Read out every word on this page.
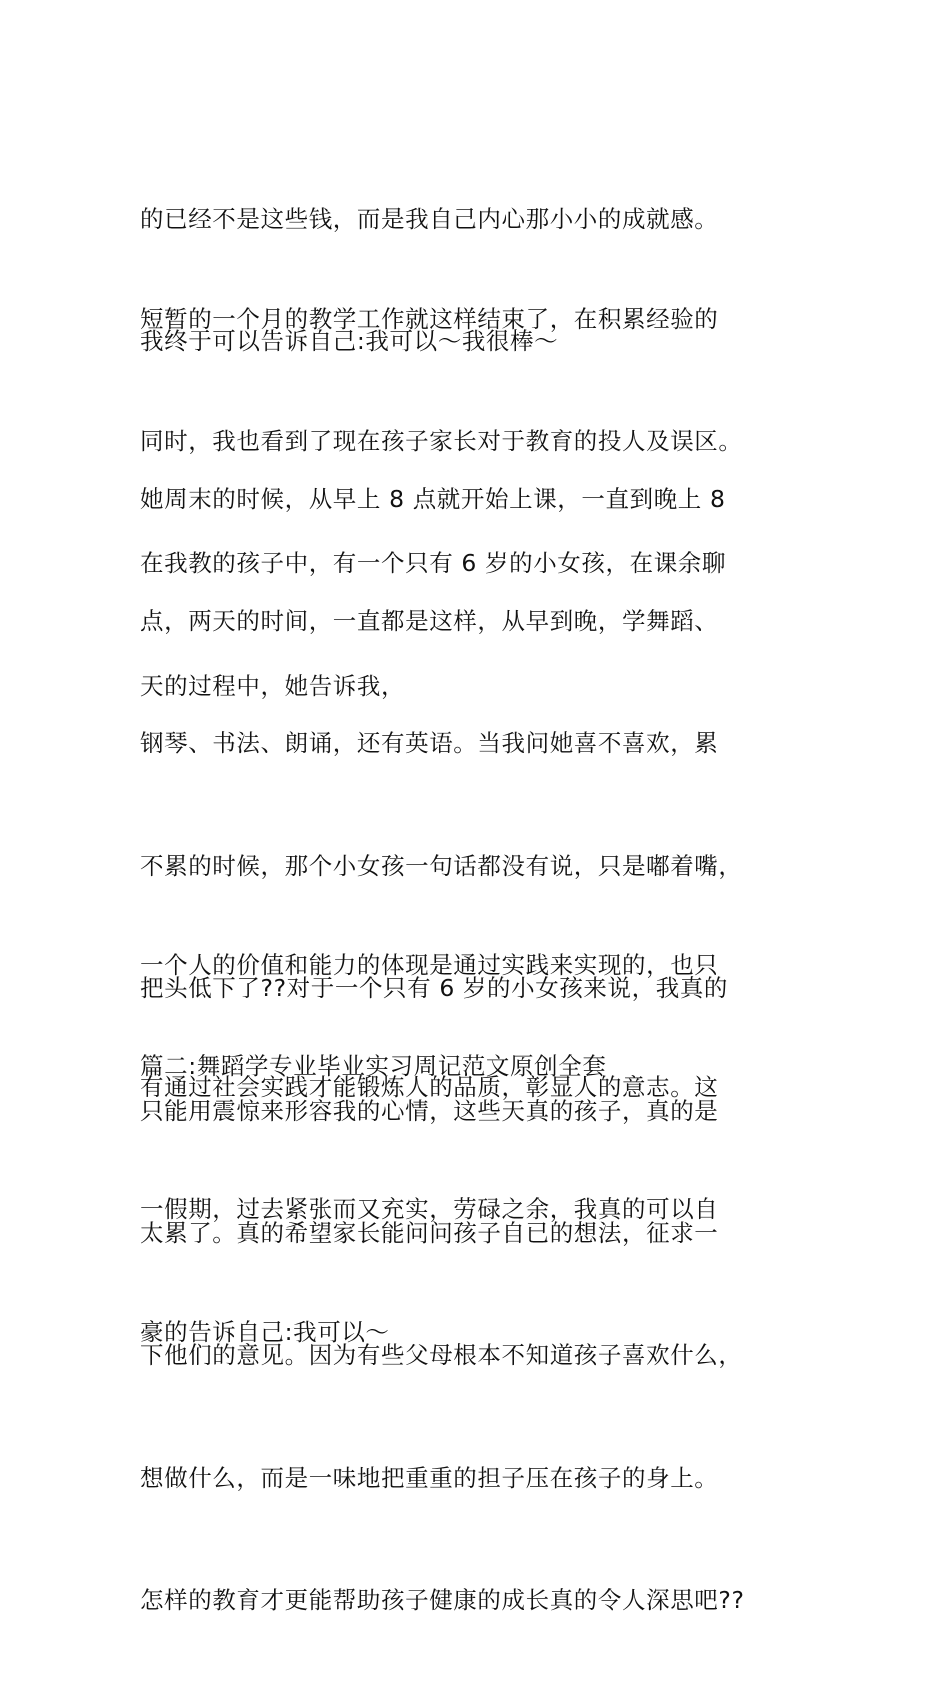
的已经不是这些钱，而是我自己内心那小小的成就感。

我终于可以告诉自己:我可以～我很棒～

短暂的一个月的教学工作就这样结束了，在积累经验的

同时，我也看到了现在孩子家长对于教育的投人及误区。

在我教的孩子中，有一个只有 6 岁的小女孩，在课余聊

天的过程中，她告诉我，

她周末的时候，从早上 8 点就开始上课，一直到晚上 8

点，两天的时间，一直都是这样，从早到晚，学舞蹈、

钢琴、书法、朗诵，还有英语。当我问她喜不喜欢，累

不累的时候，那个小女孩一句话都没有说，只是嘟着嘴，

把头低下了??对于一个只有 6 岁的小女孩来说，我真的

只能用震惊来形容我的心情，这些天真的孩子，真的是

太累了。真的希望家长能问问孩子自已的想法，征求一

下他们的意见。因为有些父母根本不知道孩子喜欢什么，

想做什么，而是一味地把重重的担子压在孩子的身上。

怎样的教育才更能帮助孩子健康的成长真的令人深思吧??

一个人的价值和能力的体现是通过实践来实现的，也只

有通过社会实践才能锻炼人的品质，彰显人的意志。这

一假期，过去紧张而又充实，劳碌之余，我真的可以自

豪的告诉自己:我可以～

篇二:舞蹈学专业毕业实习周记范文原创全套
